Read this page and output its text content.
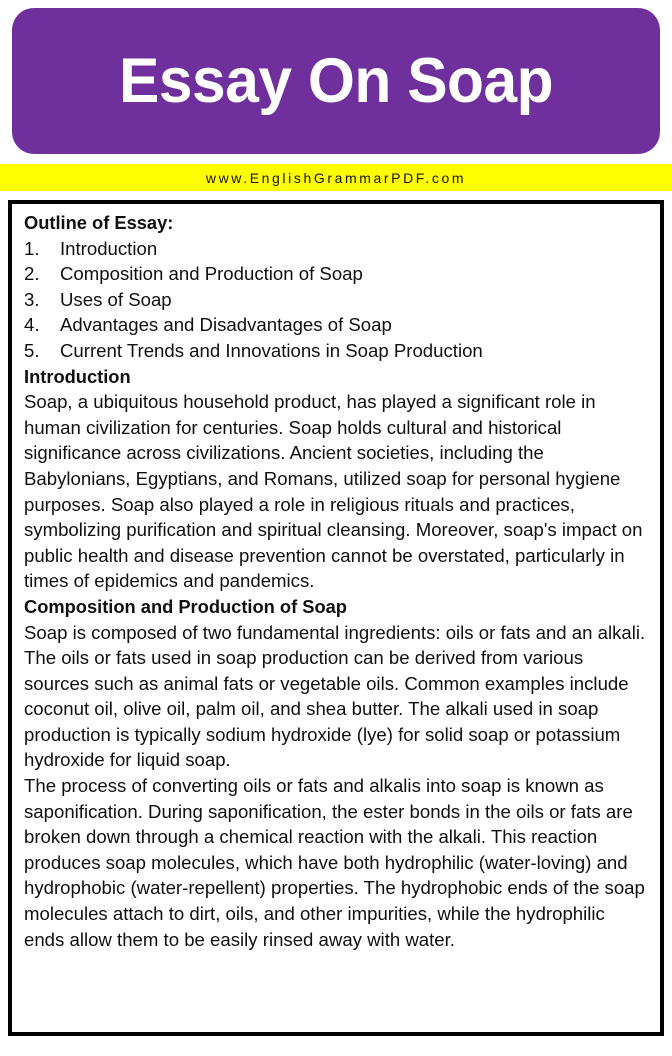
Essay On Soap
www.EnglishGrammarPDF.com
Outline of Essay:
1.	Introduction
2.	Composition and Production of Soap
3.	Uses of Soap
4.	Advantages and Disadvantages of Soap
5.	Current Trends and Innovations in Soap Production
Introduction

Soap, a ubiquitous household product, has played a significant role in human civilization for centuries. Soap holds cultural and historical significance across civilizations. Ancient societies, including the Babylonians, Egyptians, and Romans, utilized soap for personal hygiene purposes. Soap also played a role in religious rituals and practices, symbolizing purification and spiritual cleansing. Moreover, soap's impact on public health and disease prevention cannot be overstated, particularly in times of epidemics and pandemics.

Composition and Production of Soap

Soap is composed of two fundamental ingredients: oils or fats and an alkali. The oils or fats used in soap production can be derived from various sources such as animal fats or vegetable oils. Common examples include coconut oil, olive oil, palm oil, and shea butter. The alkali used in soap production is typically sodium hydroxide (lye) for solid soap or potassium hydroxide for liquid soap.

The process of converting oils or fats and alkalis into soap is known as saponification. During saponification, the ester bonds in the oils or fats are broken down through a chemical reaction with the alkali. This reaction produces soap molecules, which have both hydrophilic (water-loving) and hydrophobic (water-repellent) properties. The hydrophobic ends of the soap molecules attach to dirt, oils, and other impurities, while the hydrophilic ends allow them to be easily rinsed away with water.
